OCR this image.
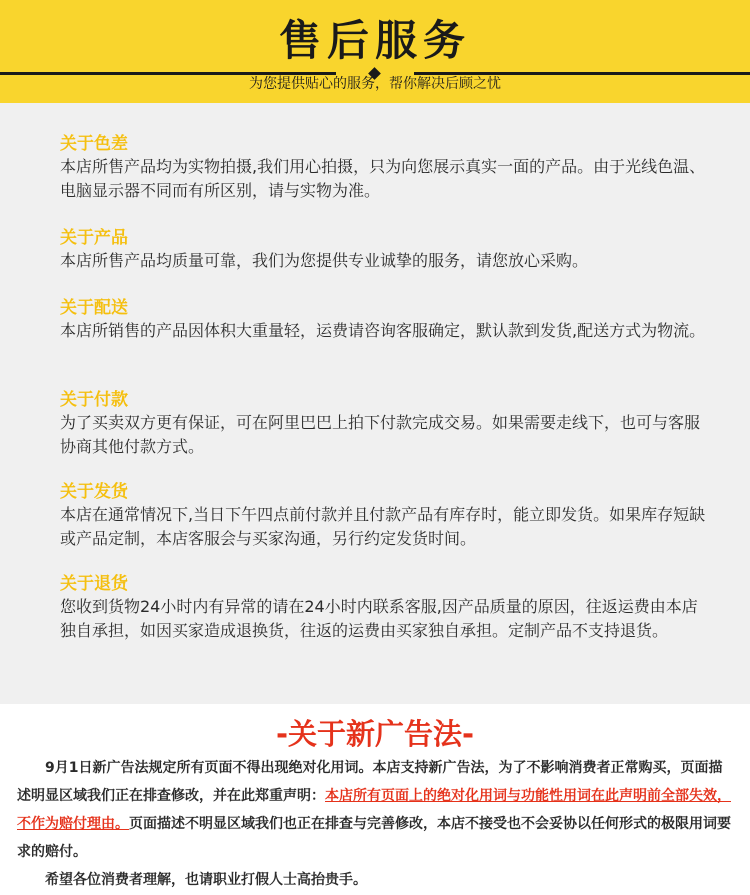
售后服务
为您提供贴心的服务，帮你解决后顾之忧
关于色差
本店所售产品均为实物拍摄,我们用心拍摄，只为向您展示真实一面的产品。由于光线色温、电脑显示器不同而有所区别，请与实物为准。
关于产品
本店所售产品均质量可靠，我们为您提供专业诚挚的服务，请您放心采购。
关于配送
本店所销售的产品因体积大重量轻，运费请咨询客服确定，默认款到发货,配送方式为物流。
关于付款
为了买卖双方更有保证，可在阿里巴巴上拍下付款完成交易。如果需要走线下，也可与客服协商其他付款方式。
关于发货
本店在通常情况下,当日下午四点前付款并且付款产品有库存时，能立即发货。如果库存短缺或产品定制，本店客服会与买家沟通，另行约定发货时间。
关于退货
您收到货物24小时内有异常的请在24小时内联系客服,因产品质量的原因，往返运费由本店独自承担，如因买家造成退换货，往返的运费由买家独自承担。定制产品不支持退货。
-关于新广告法-

9月1日新广告法规定所有页面不得出现绝对化用词。本店支持新广告法，为了不影响消费者正常购买，页面描述明显区域我们正在排查修改，并在此郑重声明：本店所有页面上的绝对化用词与功能性用词在此声明前全部失效，不作为赔付理由。页面描述不明显区域我们也正在排查与完善修改，本店不接受也不会妥协以任何形式的极限用词要求的赔付。

希望各位消费者理解，也请职业打假人士高抬贵手。
